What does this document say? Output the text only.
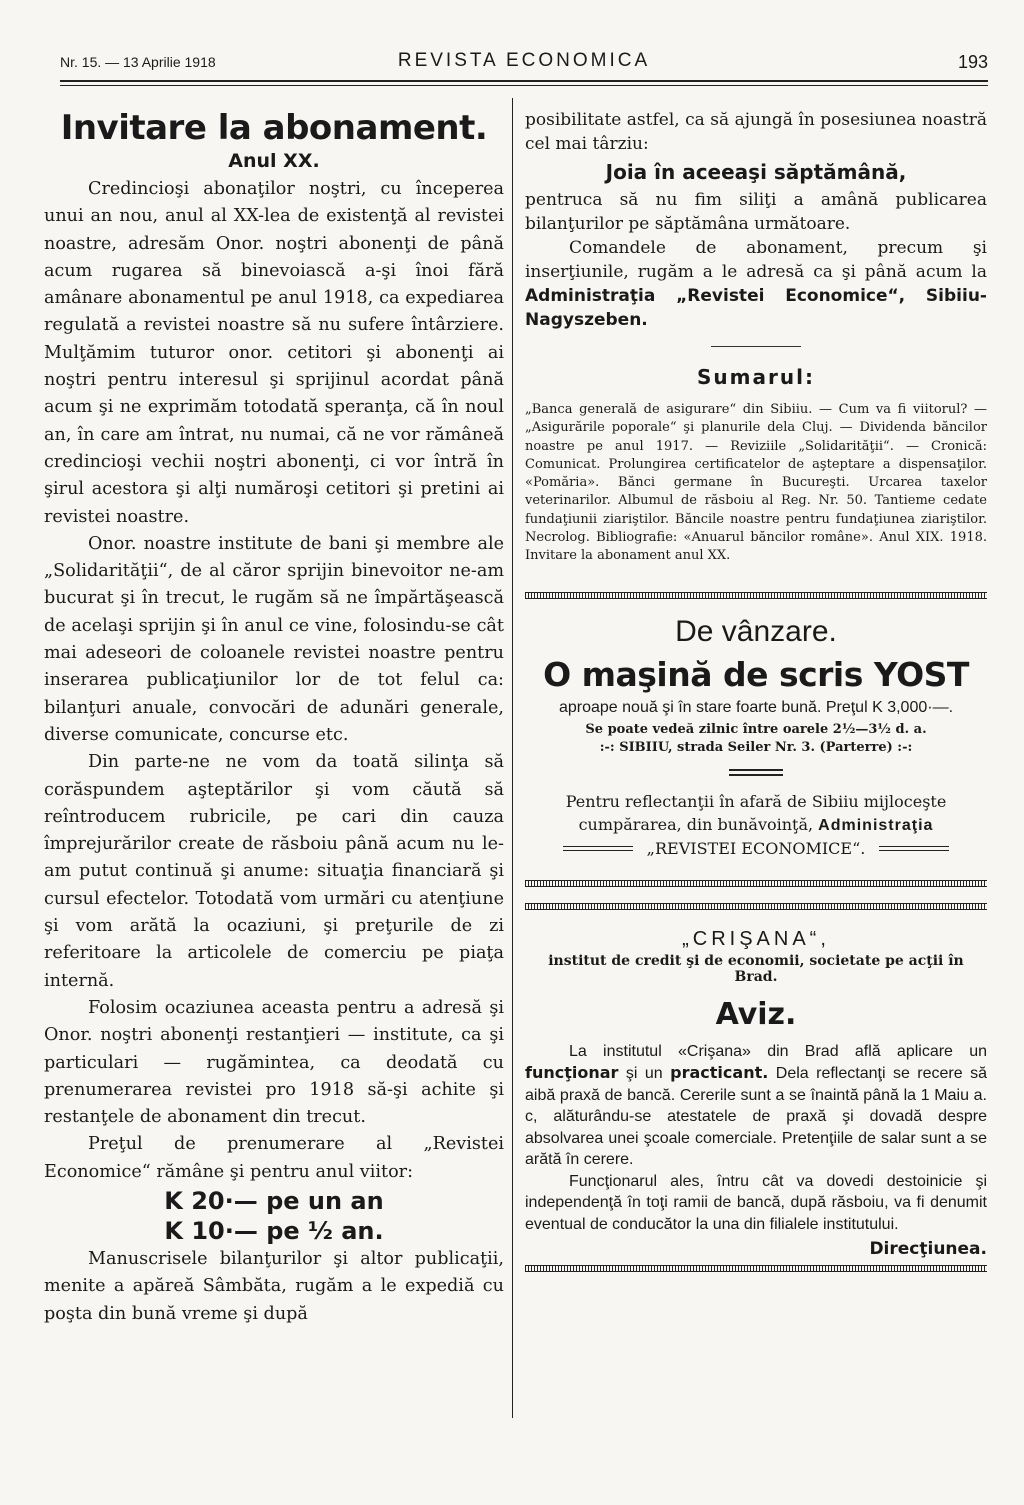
Nr. 15. — 13 Aprilie 1918	REVISTA ECONOMICA	193
Invitare la abonament.
Anul XX.

Credincioşi abonaţilor noştri, cu începerea unui an nou, anul al XX-lea de existenţă al revistei noastre, adresăm Onor. noştri abonenţi de până acum rugarea să binevoiască a-şi înoi fără amânare abonamentul pe anul 1918, ca expediarea regulată a revistei noastre să nu sufere întârziere. Mulţămim tuturor onor. cetitori şi abonenţi ai noştri pentru interesul şi sprijinul acordat până acum şi ne exprimăm totodată speranţa, că în noul an, în care am întrat, nu numai, că ne vor rămâneă credincioşi vechii noştri abonenţi, ci vor întră în şirul acestora şi alţi număroşi cetitori şi pretini ai revistei noastre.

Onor. noastre institute de bani şi membre ale „Solidarităţii“, de al căror sprijin binevoitor ne-am bucurat şi în trecut, le rugăm să ne împărtăşească de acelaşi sprijin şi în anul ce vine, folosindu-se cât mai adeseori de coloanele revistei noastre pentru inserarea publicaţiunilor lor de tot felul ca: bilanţuri anuale, convocări de adunări generale, diverse comunicate, concurse etc.

Din parte-ne ne vom da toată silinţa să corăspundem aşteptărilor şi vom căută să reîntroducem rubricile, pe cari din cauza împrejurărilor create de răsboiu până acum nu le-am putut continuă şi anume: situaţia financiară şi cursul efectelor. Totodată vom urmări cu atenţiune şi vom arătă la ocaziuni, şi preţurile de zi referitoare la articolele de comerciu pe piaţa internă.

Folosim ocaziunea aceasta pentru a adresă şi Onor. noştri abonenţi restanţieri — institute, ca şi particulari — rugămintea, ca deodată cu prenumerarea revistei pro 1918 să-şi achite şi restanţele de abonament din trecut.

Preţul de prenumerare al „Revistei Economice“ rămâne şi pentru anul viitor:

K 20·— pe un an

K 10·— pe ½ an.

Manuscrisele bilanţurilor şi altor publicaţii, menite a apăreă Sâmbăta, rugăm a le expediă cu poşta din bună vreme şi după

posibilitate astfel, ca să ajungă în posesiunea noastră cel mai târziu:

Joia în aceeaşi săptămână,

pentruca să nu fim siliţi a amână publicarea bilanţurilor pe săptămâna următoare.

Comandele de abonament, precum şi inserţiunile, rugăm a le adresă ca şi până acum la Administraţia „Revistei Economice“, Sibiiu-Nagyszeben.

Sumarul:

„Banca generală de asigurare“ din Sibiiu. — Cum va fi viitorul? — „Asigurările poporale“ şi planurile dela Cluj. — Dividenda băncilor noastre pe anul 1917. — Reviziile „Solidarităţii“. — Cronică: Comunicat. Prolungirea certificatelor de aşteptare a dispensaţilor. «Pomăria». Bănci germane în Bucureşti. Urcarea taxelor veterinarilor. Albumul de răsboiu al Reg. Nr. 50. Tantieme cedate fundaţiunii ziariştilor. Băncile noastre pentru fundaţiunea ziariştilor. Necrolog. Bibliografie: «Anuarul băncilor române». Anul XIX. 1918. Invitare la abonament anul XX.

De vânzare.
O maşină de scris YOST
aproape nouă şi în stare foarte bună. Preţul K 3,000·—.

Se poate vedeă zilnic între oarele 2½—3½ d. a.

:-: SIBIIU, strada Seiler Nr. 3. (Parterre) :-:

Pentru reflectanţii în afară de Sibiiu mijloceşte cumpărarea, din bunăvoinţă, Administraţia

„REVISTEI ECONOMICE“.
„CRIŞANA“,
institut de credit şi de economii, societate pe acţii în Brad.
Aviz.

La institutul «Crişana» din Brad află aplicare un funcţionar şi un practicant. Dela reflectanţi se recere să aibă praxă de bancă. Cererile sunt a se înaintă până la 1 Maiu a. c, alăturându-se atestatele de praxă şi dovadă despre absolvarea unei şcoale comerciale. Pretenţiile de salar sunt a se arătă în cerere.

Funcţionarul ales, întru cât va dovedi destoinicie şi independenţă în toţi ramii de bancă, după răsboiu, va fi denumit eventual de conducător la una din filialele institutului.

Direcţiunea.
